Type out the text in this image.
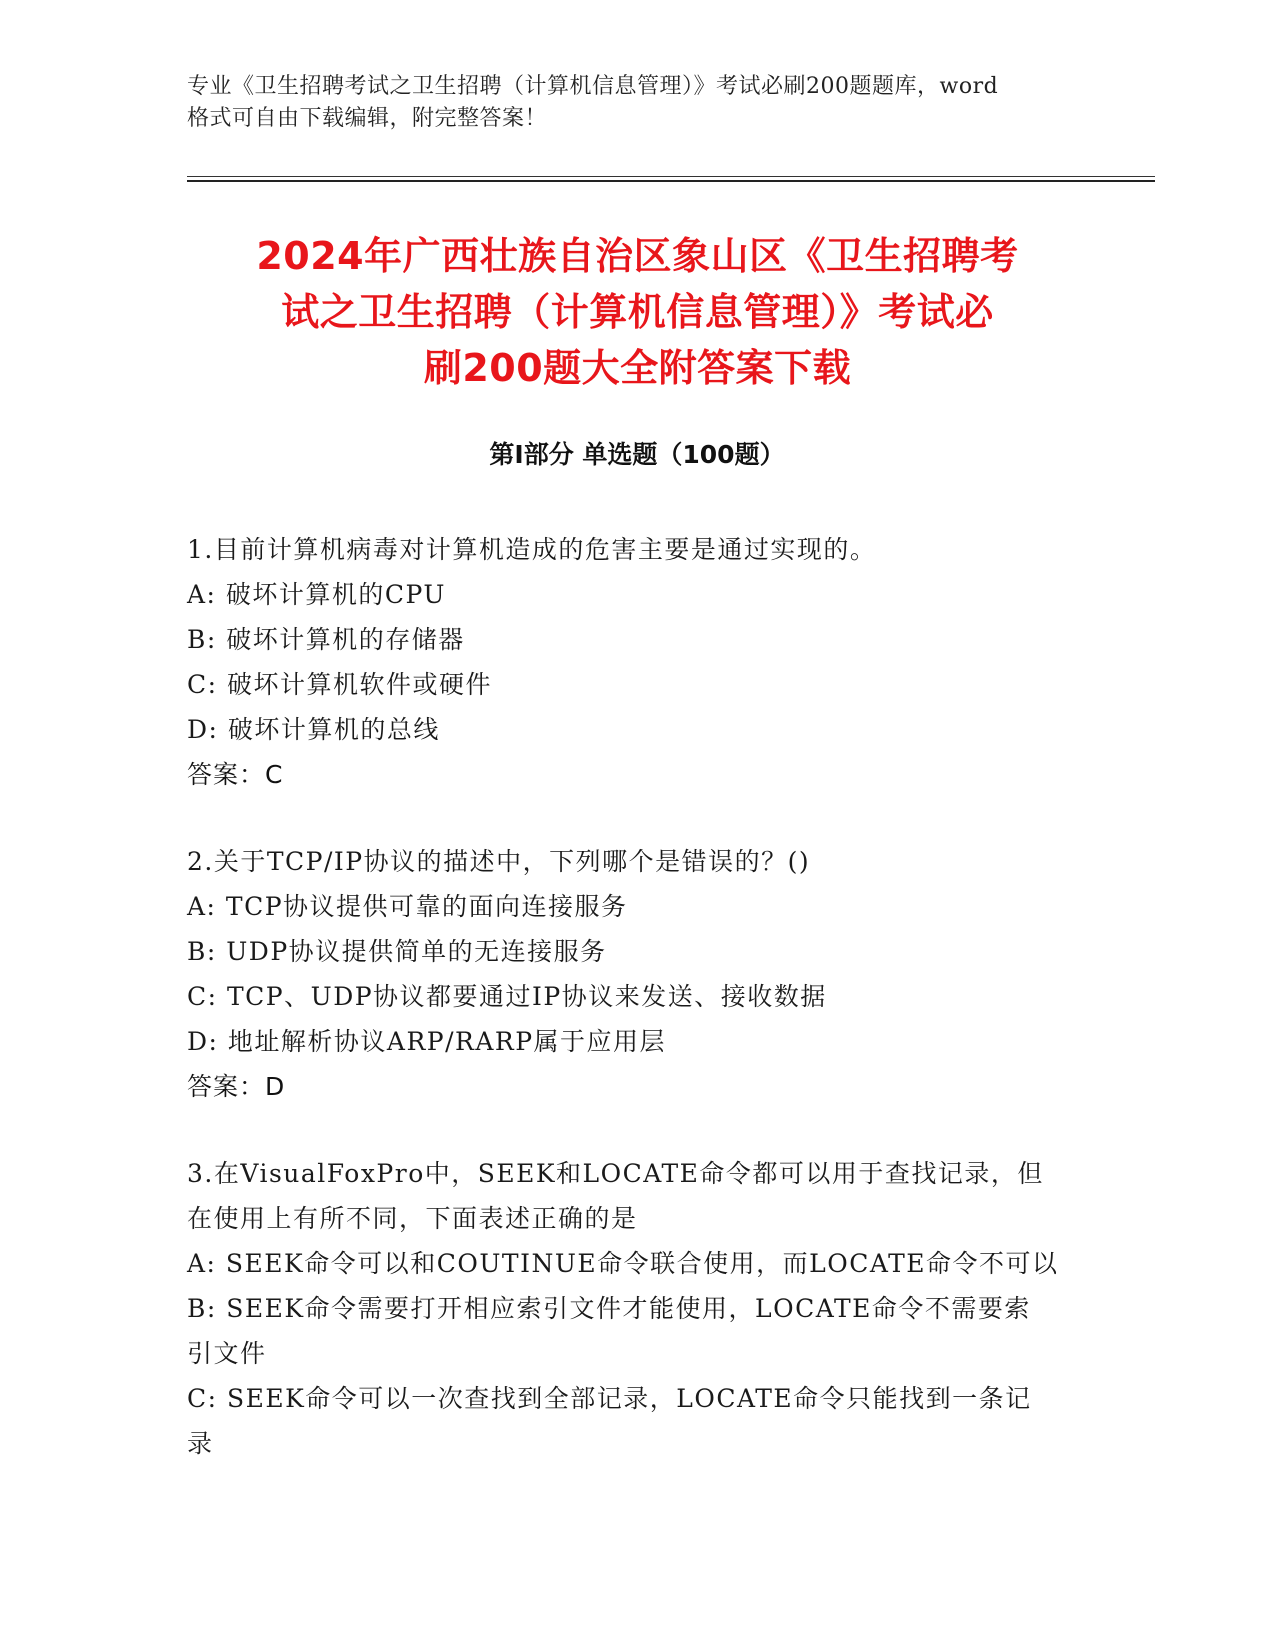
专业《卫生招聘考试之卫生招聘（计算机信息管理）》考试必刷200题题库，word
格式可自由下载编辑，附完整答案！
2024年广西壮族自治区象山区《卫生招聘考
试之卫生招聘（计算机信息管理）》考试必
刷200题大全附答案下载
第Ⅰ部分 单选题（100题）
1.目前计算机病毒对计算机造成的危害主要是通过实现的。
A: 破坏计算机的CPU
B: 破坏计算机的存储器
C: 破坏计算机软件或硬件
D: 破坏计算机的总线
答案：C
2.关于TCP/IP协议的描述中，下列哪个是错误的？()
A: TCP协议提供可靠的面向连接服务
B: UDP协议提供简单的无连接服务
C: TCP、UDP协议都要通过IP协议来发送、接收数据
D: 地址解析协议ARP/RARP属于应用层
答案：D
3.在VisualFoxPro中，SEEK和LOCATE命令都可以用于查找记录，但
在使用上有所不同，下面表述正确的是
A: SEEK命令可以和COUTINUE命令联合使用，而LOCATE命令不可以
B: SEEK命令需要打开相应索引文件才能使用，LOCATE命令不需要索
引文件
C: SEEK命令可以一次查找到全部记录，LOCATE命令只能找到一条记
录
